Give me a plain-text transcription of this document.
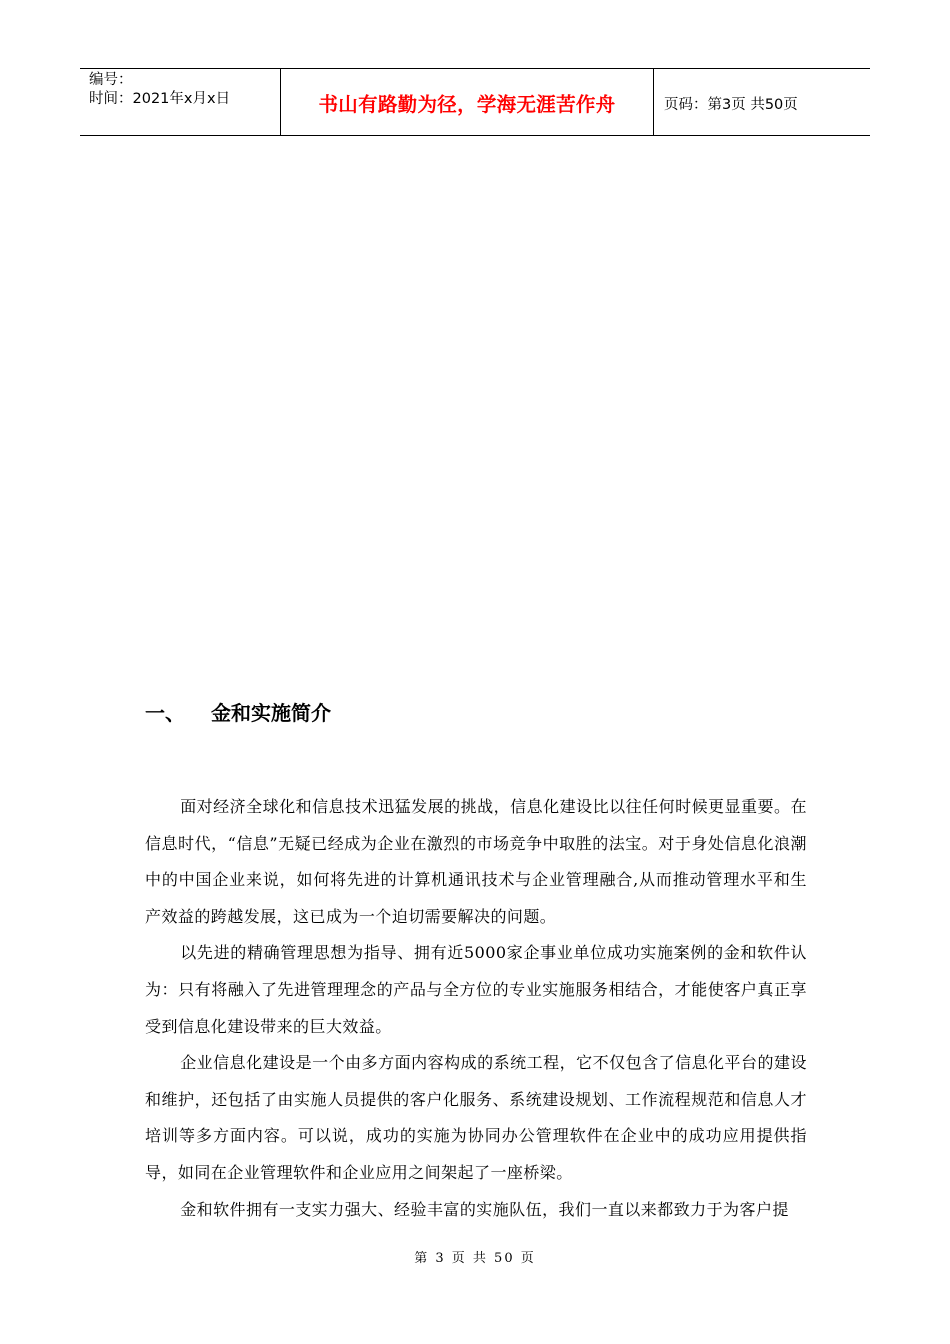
编号：
时间：2021年x月x日	书山有路勤为径，学海无涯苦作舟	页码：第3页 共50页
一、	金和实施简介

面对经济全球化和信息技术迅猛发展的挑战，信息化建设比以往任何时候更显重要。在信息时代，“信息”无疑已经成为企业在激烈的市场竞争中取胜的法宝。对于身处信息化浪潮中的中国企业来说，如何将先进的计算机通讯技术与企业管理融合,从而推动管理水平和生产效益的跨越发展，这已成为一个迫切需要解决的问题。

以先进的精确管理思想为指导、拥有近5000家企事业单位成功实施案例的金和软件认为：只有将融入了先进管理理念的产品与全方位的专业实施服务相结合，才能使客户真正享受到信息化建设带来的巨大效益。

企业信息化建设是一个由多方面内容构成的系统工程，它不仅包含了信息化平台的建设和维护，还包括了由实施人员提供的客户化服务、系统建设规划、工作流程规范和信息人才培训等多方面内容。可以说，成功的实施为协同办公管理软件在企业中的成功应用提供指导，如同在企业管理软件和企业应用之间架起了一座桥梁。

金和软件拥有一支实力强大、经验丰富的实施队伍，我们一直以来都致力于为客户提

第 3 页 共 50 页
